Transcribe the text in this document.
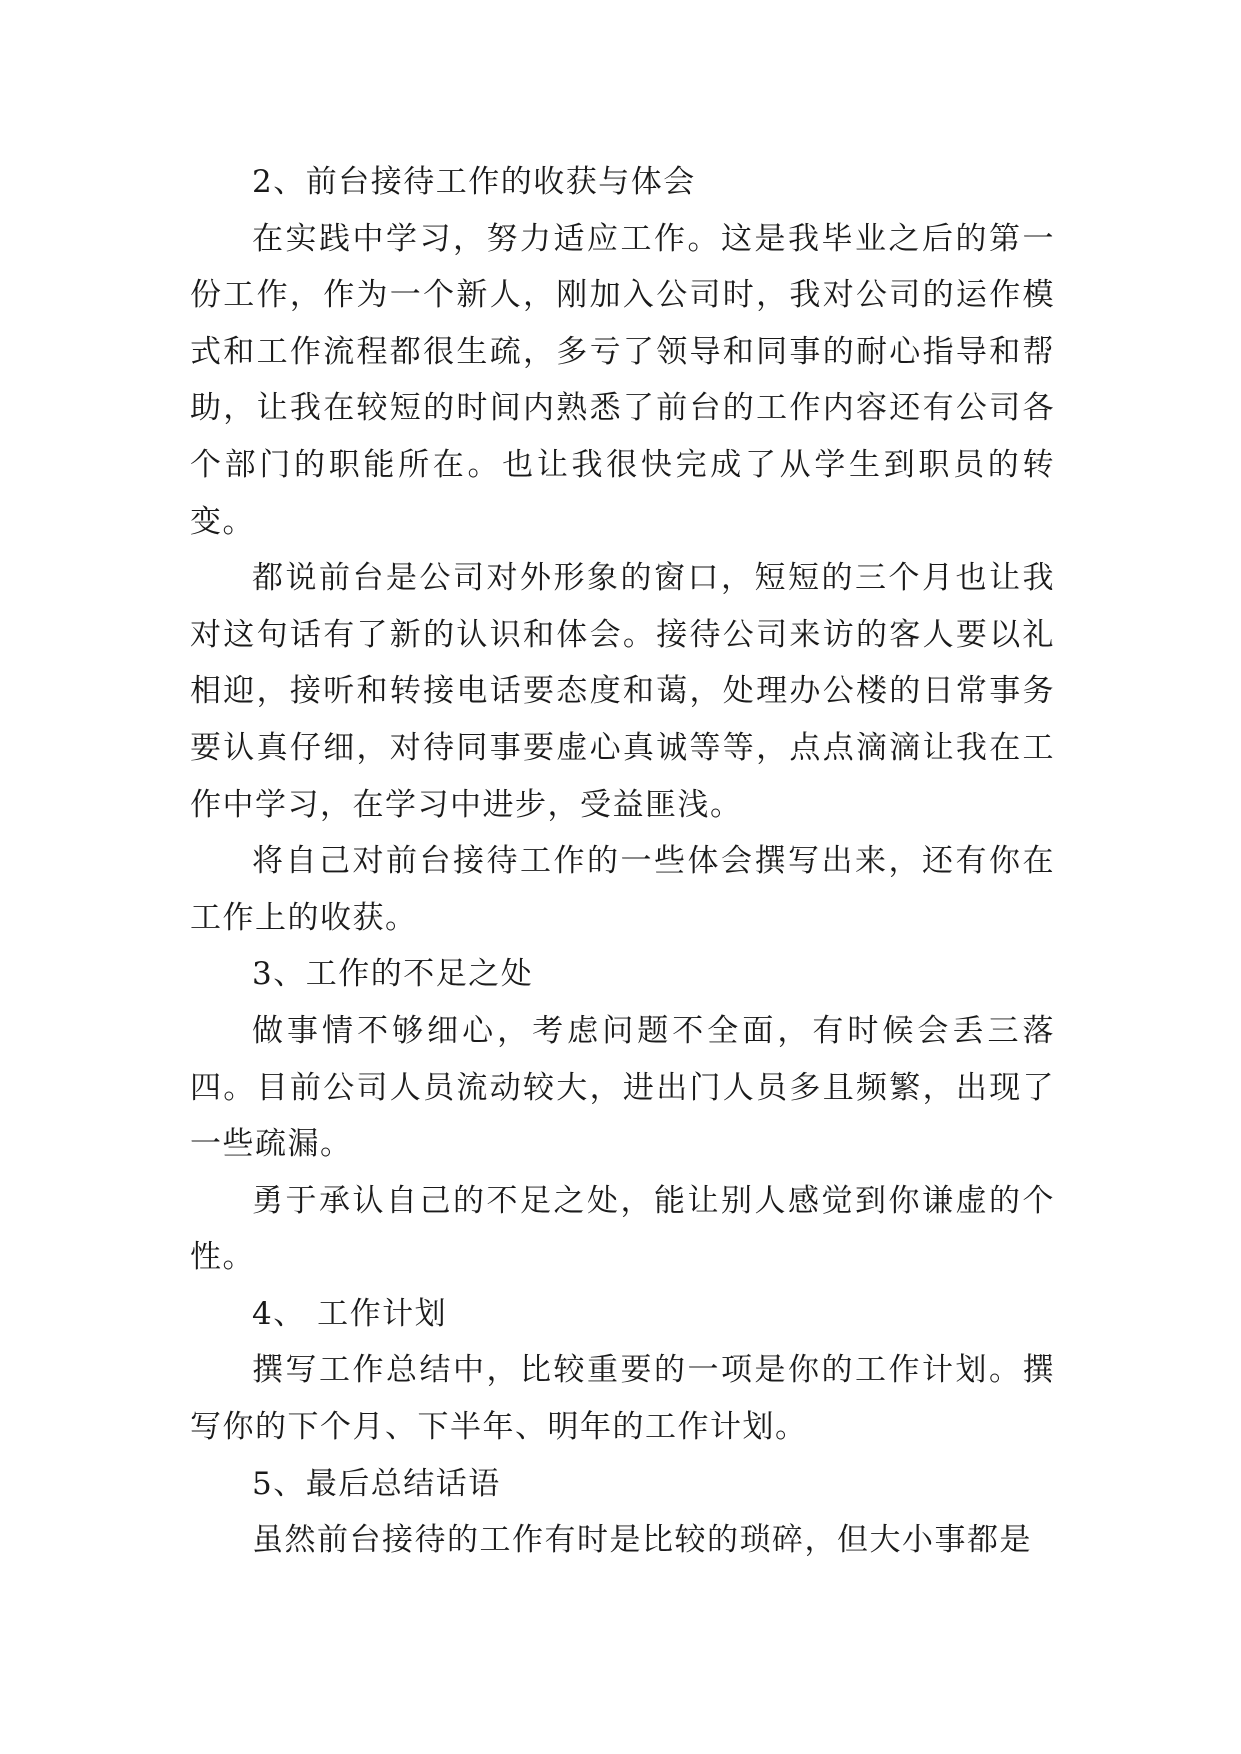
2、前台接待工作的收获与体会

在实践中学习，努力适应工作。这是我毕业之后的第一份工作，作为一个新人，刚加入公司时，我对公司的运作模式和工作流程都很生疏，多亏了领导和同事的耐心指导和帮助，让我在较短的时间内熟悉了前台的工作内容还有公司各个部门的职能所在。也让我很快完成了从学生到职员的转变。

都说前台是公司对外形象的窗口，短短的三个月也让我对这句话有了新的认识和体会。接待公司来访的客人要以礼相迎，接听和转接电话要态度和蔼，处理办公楼的日常事务要认真仔细，对待同事要虚心真诚等等，点点滴滴让我在工作中学习，在学习中进步，受益匪浅。

将自己对前台接待工作的一些体会撰写出来，还有你在工作上的收获。

3、工作的不足之处

做事情不够细心，考虑问题不全面，有时候会丢三落四。目前公司人员流动较大，进出门人员多且频繁，出现了一些疏漏。

勇于承认自己的不足之处，能让别人感觉到你谦虚的个性。

4、 工作计划

撰写工作总结中，比较重要的一项是你的工作计划。撰写你的下个月、下半年、明年的工作计划。

5、最后总结话语

虽然前台接待的工作有时是比较的琐碎，但大小事都是
